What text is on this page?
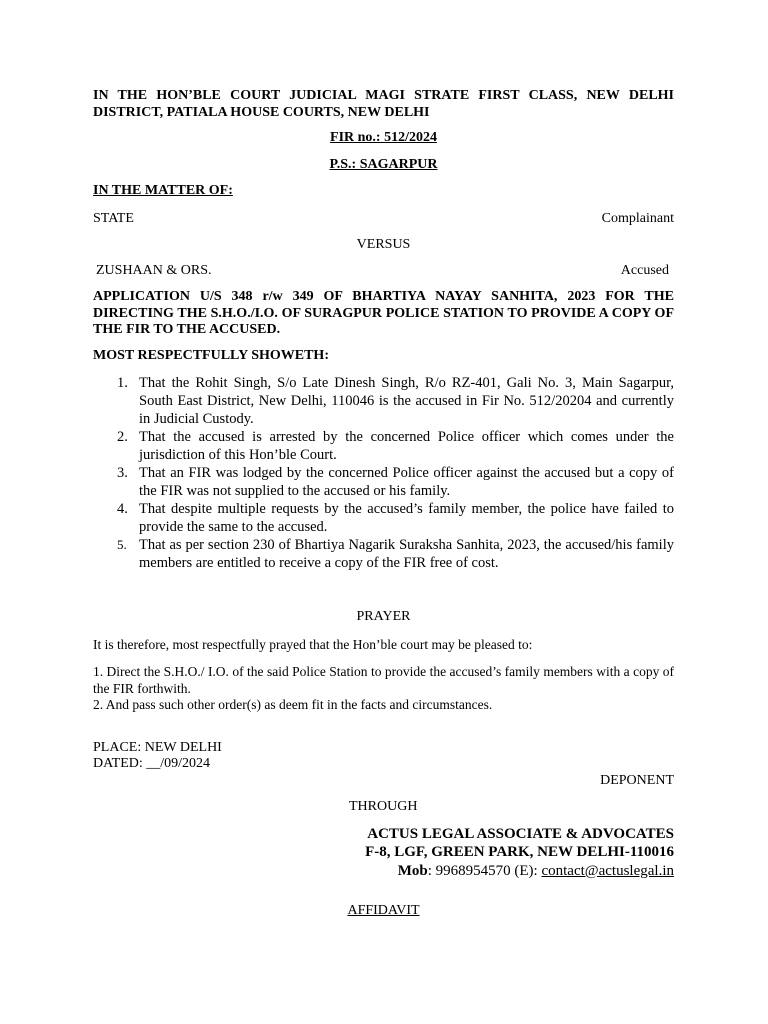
IN THE HON’BLE COURT JUDICIAL MAGI STRATE FIRST CLASS, NEW DELHI DISTRICT, PATIALA HOUSE COURTS, NEW DELHI

FIR no.: 512/2024

P.S.: SAGARPUR

IN THE MATTER OF:

STATE	Complainant

VERSUS

ZUSHAAN & ORS.	Accused

APPLICATION U/S 348 r/w 349 OF BHARTIYA NAYAY SANHITA, 2023 FOR THE DIRECTING THE S.H.O./I.O. OF SURAGPUR POLICE STATION TO PROVIDE A COPY OF THE FIR TO THE ACCUSED.

MOST RESPECTFULLY SHOWETH:

1. That the Rohit Singh, S/o Late Dinesh Singh, R/o RZ-401, Gali No. 3, Main Sagarpur, South East District, New Delhi, 110046 is the accused in Fir No. 512/20204 and currently in Judicial Custody.
2. That the accused is arrested by the concerned Police officer which comes under the jurisdiction of this Hon’ble Court.
3. That an FIR was lodged by the concerned Police officer against the accused but a copy of the FIR was not supplied to the accused or his family.
4. That despite multiple requests by the accused’s family member, the police have failed to provide the same to the accused.
5. That as per section 230 of Bhartiya Nagarik Suraksha Sanhita, 2023, the accused/his family members are entitled to receive a copy of the FIR free of cost.

PRAYER

It is therefore, most respectfully prayed that the Hon’ble court may be pleased to:

1. Direct the S.H.O./ I.O. of the said Police Station to provide the accused’s family members with a copy of the FIR forthwith.

2. And pass such other order(s) as deem fit in the facts and circumstances.

PLACE: NEW DELHI

DATED: __/09/2024

DEPONENT

THROUGH

ACTUS LEGAL ASSOCIATE & ADVOCATES
F-8, LGF, GREEN PARK, NEW DELHI-110016
Mob: 9968954570 (E): contact@actuslegal.in

AFFIDAVIT
